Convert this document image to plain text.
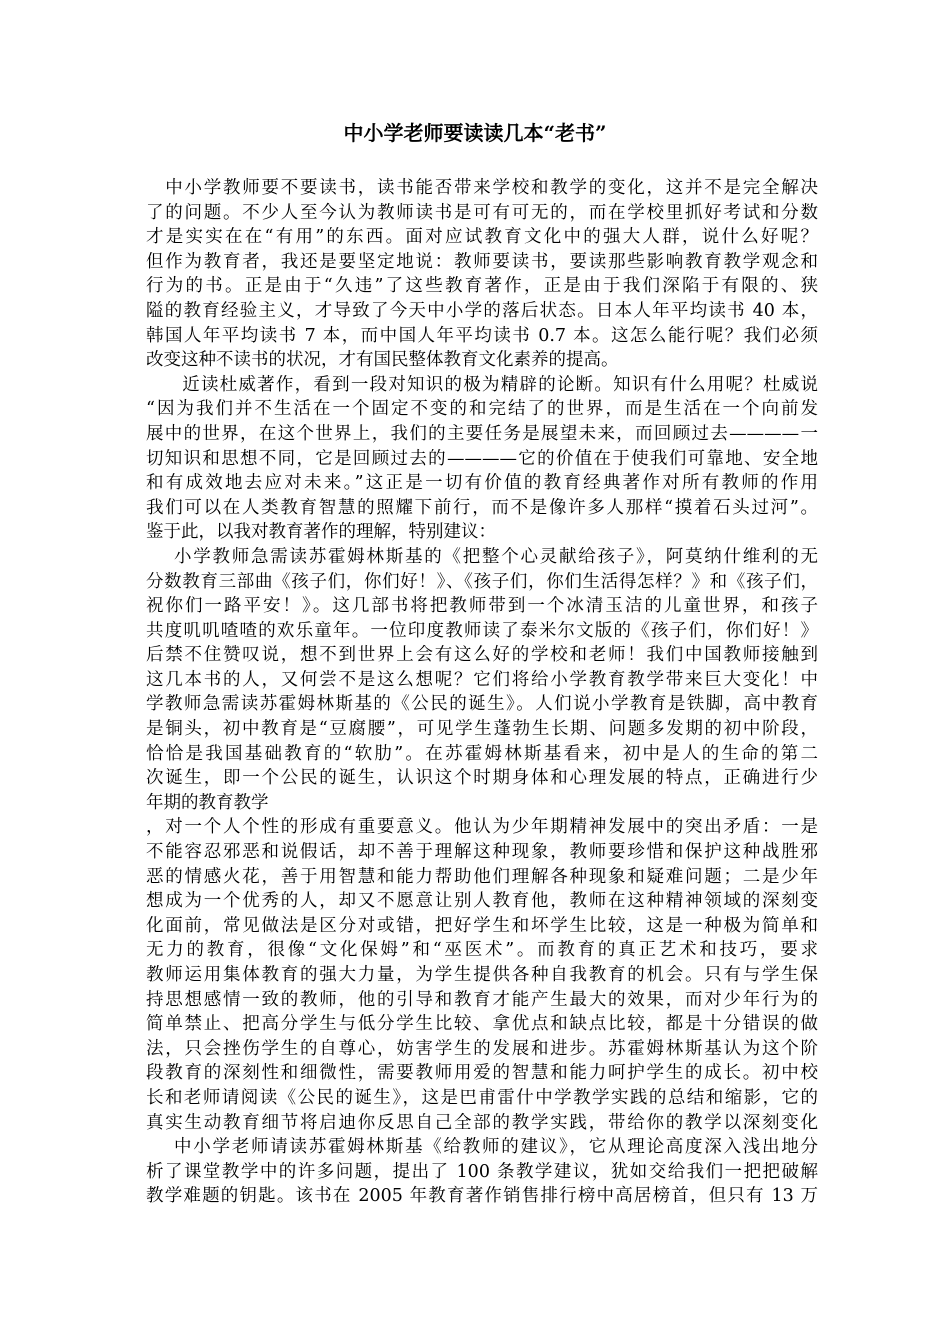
中小学老师要读读几本“老书”
中小学教师要不要读书，读书能否带来学校和教学的变化，这并不是完全解决
了的问题。不少人至今认为教师读书是可有可无的，而在学校里抓好考试和分数
才是实实在在“有用”的东西。面对应试教育文化中的强大人群，说什么好呢？
但作为教育者，我还是要坚定地说：教师要读书，要读那些影响教育教学观念和
行为的书。正是由于“久违”了这些教育著作，正是由于我们深陷于有限的、狭
隘的教育经验主义，才导致了今天中小学的落后状态。日本人年平均读书 40 本，
韩国人年平均读书 7 本，而中国人年平均读书 0.7 本。这怎么能行呢？我们必须
改变这种不读书的状况，才有国民整体教育文化素养的提高。
近读杜威著作，看到一段对知识的极为精辟的论断。知识有什么用呢？杜威说
“因为我们并不生活在一个固定不变的和完结了的世界，而是生活在一个向前发
展中的世界，在这个世界上，我们的主要任务是展望未来，而回顾过去————一
切知识和思想不同，它是回顾过去的————它的价值在于使我们可靠地、安全地
和有成效地去应对未来。”这正是一切有价值的教育经典著作对所有教师的作用
我们可以在人类教育智慧的照耀下前行，而不是像许多人那样“摸着石头过河”。
鉴于此，以我对教育著作的理解，特别建议：
小学教师急需读苏霍姆林斯基的《把整个心灵献给孩子》，阿莫纳什维利的无
分数教育三部曲《孩子们，你们好！》、《孩子们，你们生活得怎样？》和《孩子们，
祝你们一路平安！》。这几部书将把教师带到一个冰清玉洁的儿童世界，和孩子
共度叽叽喳喳的欢乐童年。一位印度教师读了泰米尔文版的《孩子们，你们好！》
后禁不住赞叹说，想不到世界上会有这么好的学校和老师！我们中国教师接触到
这几本书的人，又何尝不是这么想呢？它们将给小学教育教学带来巨大变化！中
学教师急需读苏霍姆林斯基的《公民的诞生》。人们说小学教育是铁脚，高中教育
是铜头，初中教育是“豆腐腰”，可见学生蓬勃生长期、问题多发期的初中阶段，
恰恰是我国基础教育的“软肋”。在苏霍姆林斯基看来，初中是人的生命的第二
次诞生，即一个公民的诞生，认识这个时期身体和心理发展的特点，正确进行少
年期的教育教学
，对一个人个性的形成有重要意义。他认为少年期精神发展中的突出矛盾：一是
不能容忍邪恶和说假话，却不善于理解这种现象，教师要珍惜和保护这种战胜邪
恶的情感火花，善于用智慧和能力帮助他们理解各种现象和疑难问题；二是少年
想成为一个优秀的人，却又不愿意让别人教育他，教师在这种精神领域的深刻变
化面前，常见做法是区分对或错，把好学生和坏学生比较，这是一种极为简单和
无力的教育，很像“文化保姆”和“巫医术”。而教育的真正艺术和技巧，要求
教师运用集体教育的强大力量，为学生提供各种自我教育的机会。只有与学生保
持思想感情一致的教师，他的引导和教育才能产生最大的效果，而对少年行为的
简单禁止、把高分学生与低分学生比较、拿优点和缺点比较，都是十分错误的做
法，只会挫伤学生的自尊心，妨害学生的发展和进步。苏霍姆林斯基认为这个阶
段教育的深刻性和细微性，需要教师用爱的智慧和能力呵护学生的成长。初中校
长和老师请阅读《公民的诞生》，这是巴甫雷什中学教学实践的总结和缩影，它的
真实生动教育细节将启迪你反思自己全部的教学实践，带给你的教学以深刻变化
中小学老师请读苏霍姆林斯基《给教师的建议》，它从理论高度深入浅出地分
析了课堂教学中的许多问题，提出了 100 条教学建议，犹如交给我们一把把破解
教学难题的钥匙。该书在 2005 年教育著作销售排行榜中高居榜首，但只有 13 万
